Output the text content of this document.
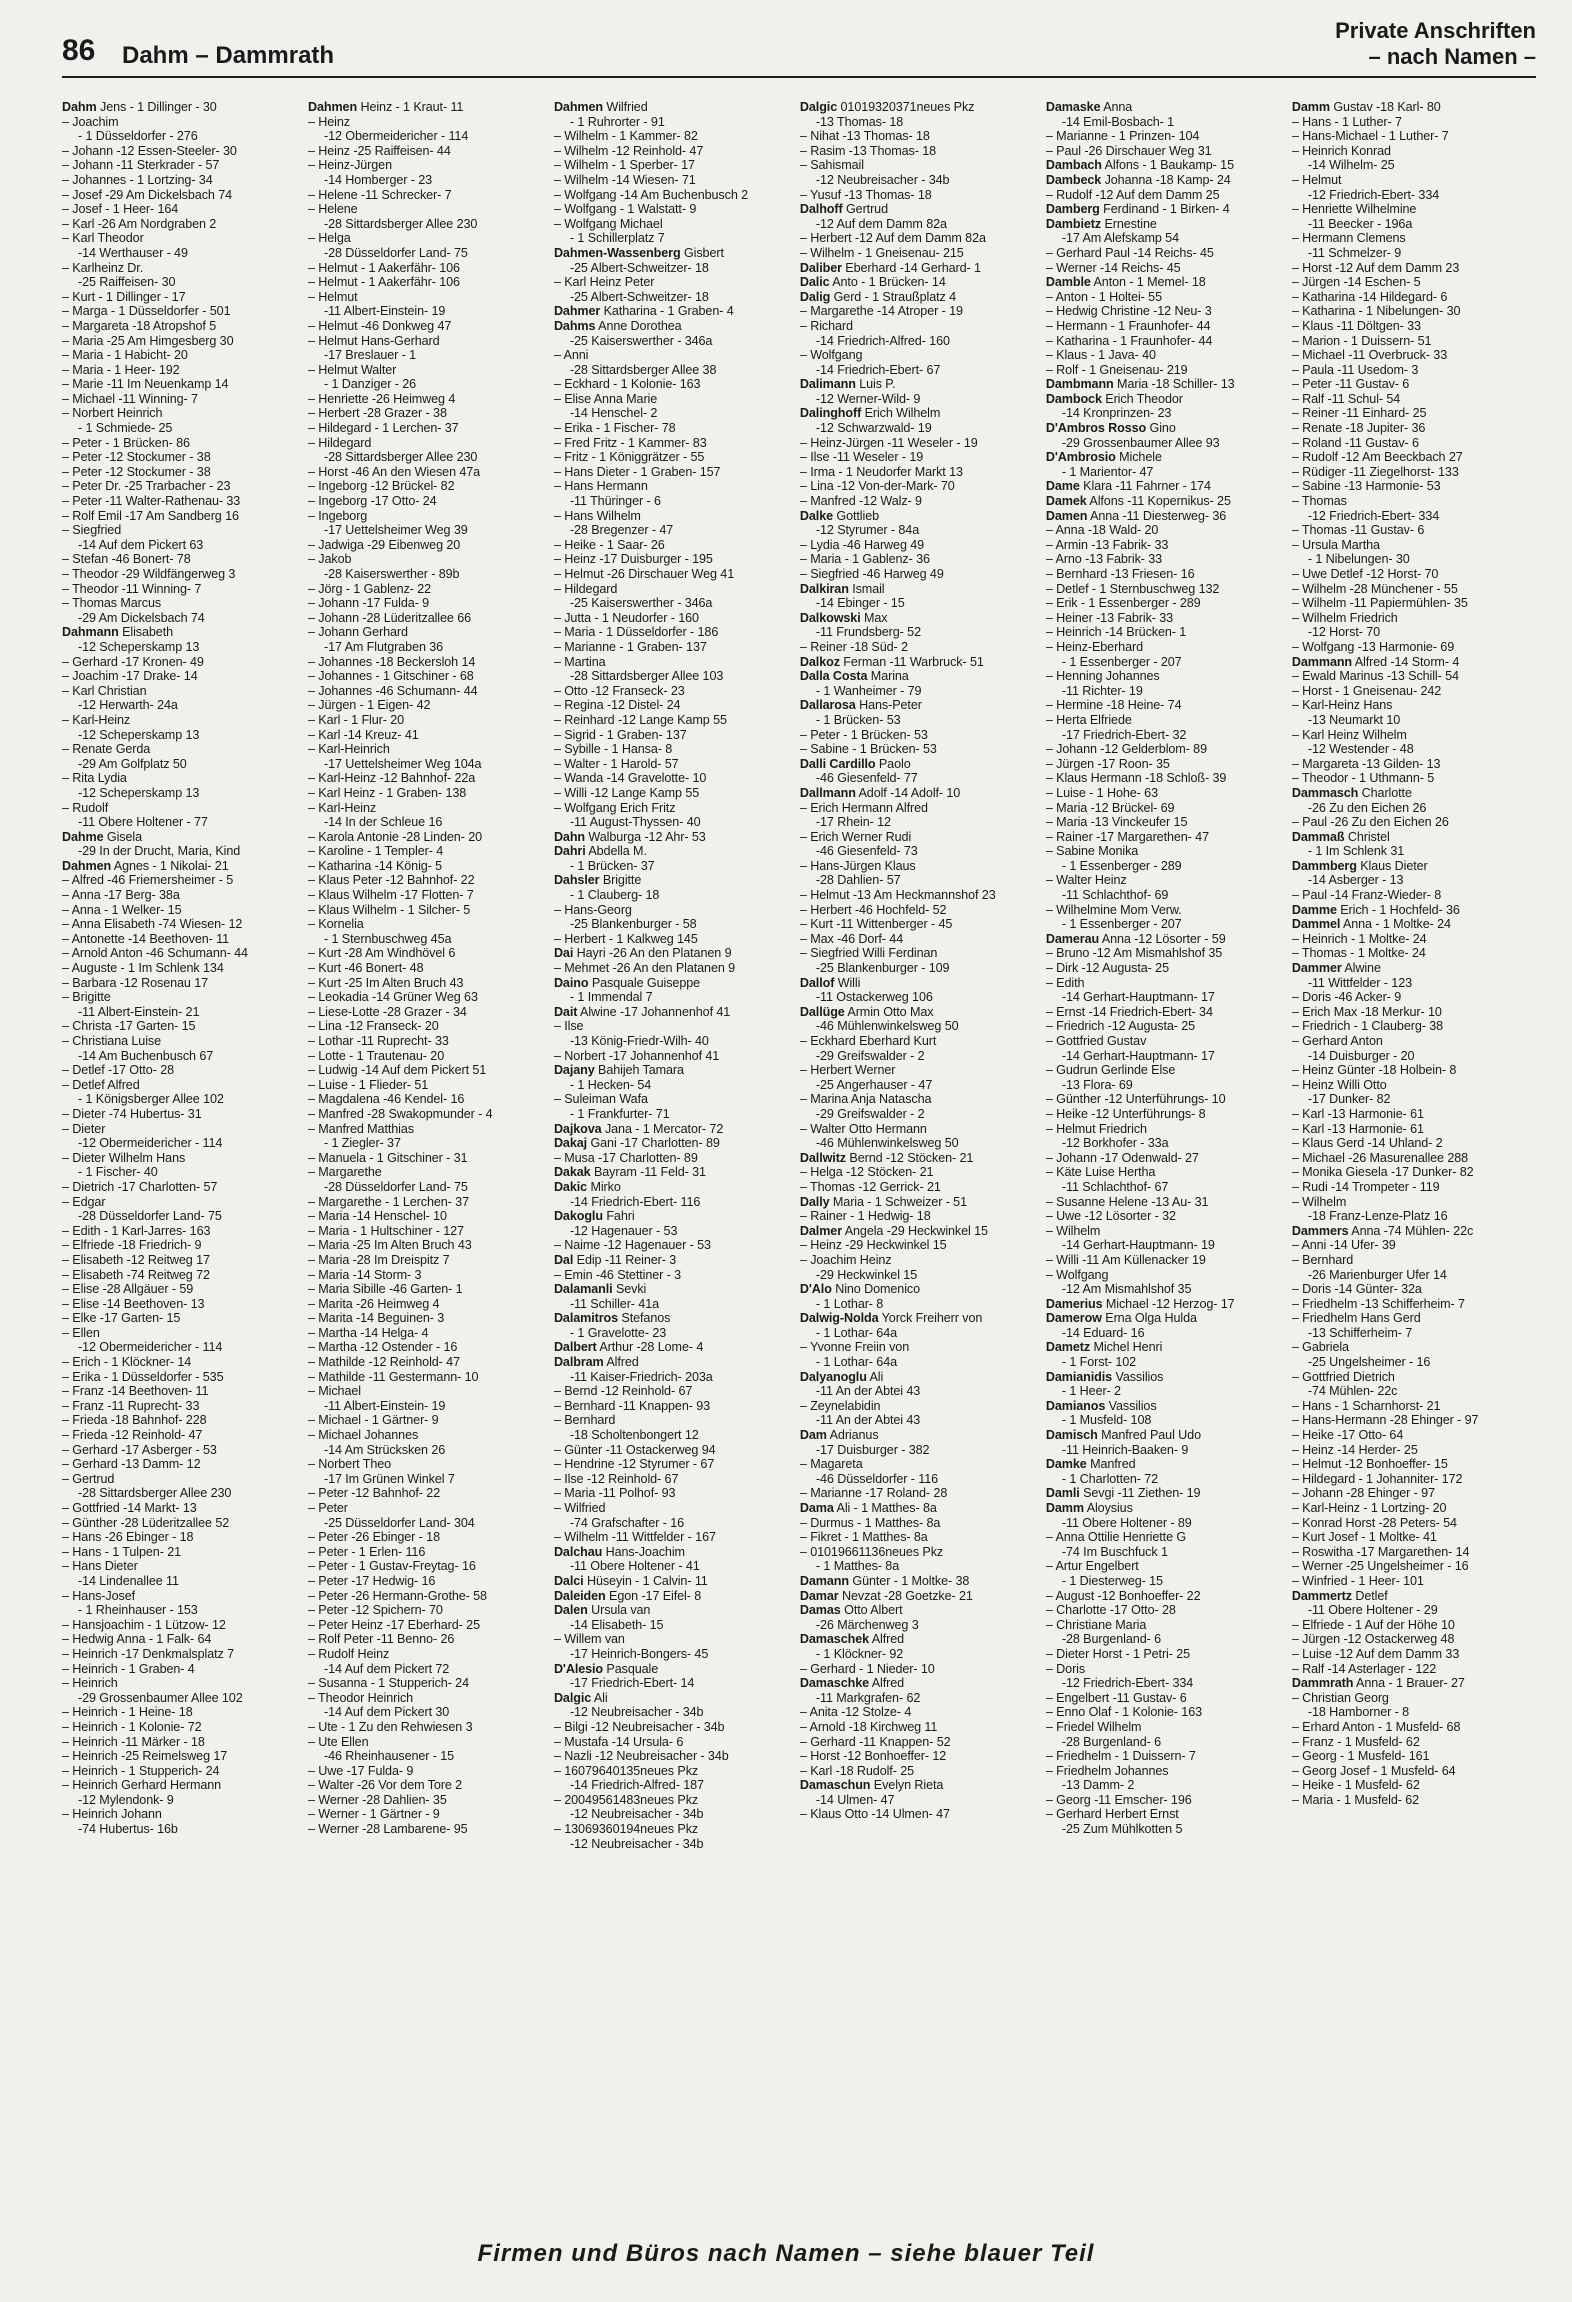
86 Dahm – Dammrath
Private Anschriften
– nach Namen –
Dahm Jens - 1 Dillinger - 30
– Joachim
- 1 Düsseldorfer - 276
– Johann -12 Essen-Steeler- 30
– Johann -11 Sterkrader - 57
– Johannes - 1 Lortzing- 34
– Josef -29 Am Dickelsbach 74
– Josef - 1 Heer- 164
– Karl -26 Am Nordgraben 2
– Karl Theodor
-14 Werthauser - 49
– Karlheinz Dr.
-25 Raiffeisen- 30
– Kurt - 1 Dillinger - 17
– Marga - 1 Düsseldorfer - 501
– Margareta -18 Atropshof 5
– Maria -25 Am Himgesberg 30
– Maria - 1 Habicht- 20
– Maria - 1 Heer- 192
– Marie -11 Im Neuenkamp 14
– Michael -11 Winning- 7
– Norbert Heinrich
- 1 Schmiede- 25
– Peter - 1 Brücken- 86
– Peter -12 Stockumer - 38
– Peter -12 Stockumer - 38
– Peter Dr. -25 Trarbacher - 23
– Peter -11 Walter-Rathenau- 33
– Rolf Emil -17 Am Sandberg 16
– Siegfried
-14 Auf dem Pickert 63
– Stefan -46 Bonert- 78
– Theodor -29 Wildfängerweg 3
– Theodor -11 Winning- 7
– Thomas Marcus
-29 Am Dickelsbach 74
Dahmann Elisabeth
-12 Scheperskamp 13
– Gerhard -17 Kronen- 49
– Joachim -17 Drake- 14
– Karl Christian
-12 Herwarth- 24a
– Karl-Heinz
-12 Scheperskamp 13
– Renate Gerda
-29 Am Golfplatz 50
– Rita Lydia
-12 Scheperskamp 13
– Rudolf
-11 Obere Holtener - 77
Dahme Gisela
-29 In der Drucht, Maria, Kind
Dahmen Agnes - 1 Nikolai- 21
– Alfred -46 Friemersheimer - 5
– Anna -17 Berg- 38a
– Anna - 1 Welker- 15
– Anna Elisabeth -74 Wiesen- 12
– Antonette -14 Beethoven- 11
– Arnold Anton -46 Schumann- 44
– Auguste - 1 Im Schlenk 134
– Barbara -12 Rosenau 17
– Brigitte
-11 Albert-Einstein- 21
– Christa -17 Garten- 15
– Christiana Luise
-14 Am Buchenbusch 67
– Detlef -17 Otto- 28
– Detlef Alfred
- 1 Königsberger Allee 102
– Dieter -74 Hubertus- 31
– Dieter
-12 Obermeidericher - 114
– Dieter Wilhelm Hans
- 1 Fischer- 40
– Dietrich -17 Charlotten- 57
– Edgar
-28 Düsseldorfer Land- 75
– Edith - 1 Karl-Jarres- 163
– Elfriede -18 Friedrich- 9
– Elisabeth -12 Reitweg 17
– Elisabeth -74 Reitweg 72
– Elise -28 Allgäuer - 59
– Elise -14 Beethoven- 13
– Elke -17 Garten- 15
– Ellen
-12 Obermeidericher - 114
– Erich - 1 Klöckner- 14
– Erika - 1 Düsseldorfer - 535
– Franz -14 Beethoven- 11
– Franz -11 Ruprecht- 33
– Frieda -18 Bahnhof- 228
– Frieda -12 Reinhold- 47
– Gerhard -17 Asberger - 53
– Gerhard -13 Damm- 12
– Gertrud
-28 Sittardsberger Allee 230
– Gottfried -14 Markt- 13
– Günther -28 Lüderitzallee 52
– Hans -26 Ebinger - 18
– Hans - 1 Tulpen- 21
– Hans Dieter
-14 Lindenallee 11
– Hans-Josef
- 1 Rheinhauser - 153
– Hansjoachim - 1 Lützow- 12
– Hedwig Anna - 1 Falk- 64
– Heinrich -17 Denkmalsplatz 7
– Heinrich - 1 Graben- 4
– Heinrich
-29 Grossenbaumer Allee 102
– Heinrich - 1 Heine- 18
– Heinrich - 1 Kolonie- 72
– Heinrich -11 Märker - 18
– Heinrich -25 Reimelsweg 17
– Heinrich - 1 Stupperich- 24
– Heinrich Gerhard Hermann
-12 Mylendonk- 9
– Heinrich Johann
-74 Hubertus- 16b
Dahmen Heinz - 1 Kraut- 11
– Heinz
-12 Obermeidericher - 114
– Heinz -25 Raiffeisen- 44
– Heinz-Jürgen
-14 Homberger - 23
– Helene -11 Schrecker- 7
– Helene
-28 Sittardsberger Allee 230
– Helga
-28 Düsseldorfer Land- 75
– Helmut - 1 Aakerfähr- 106
– Helmut - 1 Aakerfähr- 106
– Helmut
-11 Albert-Einstein- 19
– Helmut -46 Donkweg 47
– Helmut Hans-Gerhard
-17 Breslauer - 1
– Helmut Walter
- 1 Danziger - 26
– Henriette -26 Heimweg 4
– Herbert -28 Grazer - 38
– Hildegard - 1 Lerchen- 37
– Hildegard
-28 Sittardsberger Allee 230
– Horst -46 An den Wiesen 47a
– Ingeborg -12 Brückel- 82
– Ingeborg -17 Otto- 24
– Ingeborg
-17 Uettelsheimer Weg 39
– Jadwiga -29 Eibenweg 20
– Jakob
-28 Kaiserswerther - 89b
– Jörg - 1 Gablenz- 22
– Johann -17 Fulda- 9
– Johann -28 Lüderitzallee 66
– Johann Gerhard
-17 Am Flutgraben 36
– Johannes -18 Beckersloh 14
– Johannes - 1 Gitschiner - 68
– Johannes -46 Schumann- 44
– Jürgen - 1 Eigen- 42
– Karl - 1 Flur- 20
– Karl -14 Kreuz- 41
– Karl-Heinrich
-17 Uettelsheimer Weg 104a
– Karl-Heinz -12 Bahnhof- 22a
– Karl Heinz - 1 Graben- 138
– Karl-Heinz
-14 In der Schleue 16
– Karola Antonie -28 Linden- 20
– Karoline - 1 Templer- 4
– Katharina -14 König- 5
– Klaus Peter -12 Bahnhof- 22
– Klaus Wilhelm -17 Flotten- 7
– Klaus Wilhelm - 1 Silcher- 5
– Kornelia
- 1 Sternbuschweg 45a
– Kurt -28 Am Windhövel 6
– Kurt -46 Bonert- 48
– Kurt -25 Im Alten Bruch 43
– Leokadia -14 Grüner Weg 63
– Liese-Lotte -28 Grazer - 34
– Lina -12 Franseck- 20
– Lothar -11 Ruprecht- 33
– Lotte - 1 Trautenau- 20
– Ludwig -14 Auf dem Pickert 51
– Luise - 1 Flieder- 51
– Magdalena -46 Kendel- 16
– Manfred -28 Swakopmunder - 4
– Manfred Matthias
- 1 Ziegler- 37
– Manuela - 1 Gitschiner - 31
– Margarethe
-28 Düsseldorfer Land- 75
– Margarethe - 1 Lerchen- 37
– Maria -14 Henschel- 10
– Maria - 1 Hultschiner - 127
– Maria -25 Im Alten Bruch 43
– Maria -28 Im Dreispitz 7
– Maria -14 Storm- 3
– Maria Sibille -46 Garten- 1
– Marita -26 Heimweg 4
– Marita -14 Beguinen- 3
– Martha -14 Helga- 4
– Martha -12 Ostender - 16
– Mathilde -12 Reinhold- 47
– Mathilde -11 Gestermann- 10
– Michael
-11 Albert-Einstein- 19
– Michael - 1 Gärtner- 9
– Michael Johannes
-14 Am Strücksken 26
– Norbert Theo
-17 Im Grünen Winkel 7
– Peter -12 Bahnhof- 22
– Peter
-25 Düsseldorfer Land- 304
– Peter -26 Ebinger - 18
– Peter - 1 Erlen- 116
– Peter - 1 Gustav-Freytag- 16
– Peter -17 Hedwig- 16
– Peter -26 Hermann-Grothe- 58
– Peter -12 Spichern- 70
– Peter Heinz -17 Eberhard- 25
– Rolf Peter -11 Benno- 26
– Rudolf Heinz
-14 Auf dem Pickert 72
– Susanna - 1 Stupperich- 24
– Theodor Heinrich
-14 Auf dem Pickert 30
– Ute - 1 Zu den Rehwiesen 3
– Ute Ellen
-46 Rheinhausener - 15
– Uwe -17 Fulda- 9
– Walter -26 Vor dem Tore 2
– Werner -28 Dahlien- 35
– Werner - 1 Gärtner - 9
– Werner -28 Lambarene- 95
Dahmen Wilfried
- 1 Ruhrorter - 91
– Wilhelm - 1 Kammer- 82
– Wilhelm -12 Reinhold- 47
– Wilhelm - 1 Sperber- 17
– Wilhelm -14 Wiesen- 71
– Wolfgang -14 Am Buchenbusch 2
– Wolfgang - 1 Walstatt- 9
– Wolfgang Michael
- 1 Schillerplatz 7
Dahmen-Wassenberg Gisbert
-25 Albert-Schweitzer- 18
– Karl Heinz Peter
-25 Albert-Schweitzer- 18
Dahmer Katharina - 1 Graben- 4
Dahms Anne Dorothea
-25 Kaiserswerther - 346a
– Anni
-28 Sittardsberger Allee 38
– Eckhard - 1 Kolonie- 163
– Elise Anna Marie
-14 Henschel- 2
– Erika - 1 Fischer- 78
– Fred Fritz - 1 Kammer- 83
– Fritz - 1 Königgrätzer - 55
– Hans Dieter - 1 Graben- 157
– Hans Hermann
-11 Thüringer - 6
– Hans Wilhelm
-28 Bregenzer - 47
– Heike - 1 Saar- 26
– Heinz -17 Duisburger - 195
– Helmut -26 Dirschauer Weg 41
– Hildegard
-25 Kaiserswerther - 346a
– Jutta - 1 Neudorfer - 160
– Maria - 1 Düsseldorfer - 186
– Marianne - 1 Graben- 137
– Martina
-28 Sittardsberger Allee 103
– Otto -12 Franseck- 23
– Regina -12 Distel- 24
– Reinhard -12 Lange Kamp 55
– Sigrid - 1 Graben- 137
– Sybille - 1 Hansa- 8
– Walter - 1 Harold- 57
– Wanda -14 Gravelotte- 10
– Willi -12 Lange Kamp 55
– Wolfgang Erich Fritz
-11 August-Thyssen- 40
Dahn Walburga -12 Ahr- 53
Dahri Abdella M.
- 1 Brücken- 37
Dahsler Brigitte
- 1 Clauberg- 18
– Hans-Georg
-25 Blankenburger - 58
– Herbert - 1 Kalkweg 145
Dai Hayri -26 An den Platanen 9
– Mehmet -26 An den Platanen 9
Daino Pasquale Guiseppe
- 1 Immendal 7
Dait Alwine -17 Johannenhof 41
– Ilse
-13 König-Friedr-Wilh- 40
– Norbert -17 Johannenhof 41
Dajany Bahijeh Tamara
- 1 Hecken- 54
– Suleiman Wafa
- 1 Frankfurter- 71
Dajkova Jana - 1 Mercator- 72
Dakaj Gani -17 Charlotten- 89
– Musa -17 Charlotten- 89
Dakak Bayram -11 Feld- 31
Dakic Mirko
-14 Friedrich-Ebert- 116
Dakoglu Fahri
-12 Hagenauer - 53
– Naime -12 Hagenauer - 53
Dal Edip -11 Reiner- 3
– Emin -46 Stettiner - 3
Dalamanli Sevki
-11 Schiller- 41a
Dalamitros Stefanos
- 1 Gravelotte- 23
Dalbert Arthur -28 Lome- 4
Dalbram Alfred
-11 Kaiser-Friedrich- 203a
– Bernd -12 Reinhold- 67
– Bernhard -11 Knappen- 93
– Bernhard
-18 Scholtenbongert 12
– Günter -11 Ostackerweg 94
– Hendrine -12 Styrumer - 67
– Ilse -12 Reinhold- 67
– Maria -11 Polhof- 93
– Wilfried
-74 Grafschafter - 16
– Wilhelm -11 Wittfelder - 167
Dalchau Hans-Joachim
-11 Obere Holtener - 41
Dalci Hüseyin - 1 Calvin- 11
Daleiden Egon -17 Eifel- 8
Dalen Ursula van
-14 Elisabeth- 15
– Willem van
-17 Heinrich-Bongers- 45
D'Alesio Pasquale
-17 Friedrich-Ebert- 14
Dalgic Ali
-12 Neubreisacher - 34b
– Bilgi -12 Neubreisacher - 34b
– Mustafa -14 Ursula- 6
– Nazli -12 Neubreisacher - 34b
– 16079640135neues Pkz
-14 Friedrich-Alfred- 187
– 20049561483neues Pkz
-12 Neubreisacher - 34b
– 13069360194neues Pkz
-12 Neubreisacher - 34b
Dalgic 01019320371neues Pkz
-13 Thomas- 18
– Nihat -13 Thomas- 18
– Rasim -13 Thomas- 18
– Sahismail
-12 Neubreisacher - 34b
– Yusuf -13 Thomas- 18
Dalhoff Gertrud
-12 Auf dem Damm 82a
– Herbert -12 Auf dem Damm 82a
– Wilhelm - 1 Gneisenau- 215
Daliber Eberhard -14 Gerhard- 1
Dalic Anto - 1 Brücken- 14
Dalig Gerd - 1 Straußplatz 4
– Margarethe -14 Atroper - 19
– Richard
-14 Friedrich-Alfred- 160
– Wolfgang
-14 Friedrich-Ebert- 67
Dalimann Luis P.
-12 Werner-Wild- 9
Dalinghoff Erich Wilhelm
-12 Schwarzwald- 19
– Heinz-Jürgen -11 Weseler - 19
– Ilse -11 Weseler - 19
– Irma - 1 Neudorfer Markt 13
– Lina -12 Von-der-Mark- 70
– Manfred -12 Walz- 9
Dalke Gottlieb
-12 Styrumer - 84a
– Lydia -46 Harweg 49
– Maria - 1 Gablenz- 36
– Siegfried -46 Harweg 49
Dalkiran Ismail
-14 Ebinger - 15
Dalkowski Max
-11 Frundsberg- 52
– Reiner -18 Süd- 2
Dalkoz Ferman -11 Warbruck- 51
Dalla Costa Marina
- 1 Wanheimer - 79
Dallarosa Hans-Peter
- 1 Brücken- 53
– Peter - 1 Brücken- 53
– Sabine - 1 Brücken- 53
Dalli Cardillo Paolo
-46 Giesenfeld- 77
Dallmann Adolf -14 Adolf- 10
– Erich Hermann Alfred
-17 Rhein- 12
– Erich Werner Rudi
-46 Giesenfeld- 73
– Hans-Jürgen Klaus
-28 Dahlien- 57
– Helmut -13 Am Heckmannshof 23
– Herbert -46 Hochfeld- 52
– Kurt -11 Wittenberger - 45
– Max -46 Dorf- 44
– Siegfried Willi Ferdinan
-25 Blankenburger - 109
Dallof Willi
-11 Ostackerweg 106
Dallüge Armin Otto Max
-46 Mühlenwinkelsweg 50
– Eckhard Eberhard Kurt
-29 Greifswalder - 2
– Herbert Werner
-25 Angerhauser - 47
– Marina Anja Natascha
-29 Greifswalder - 2
– Walter Otto Hermann
-46 Mühlenwinkelsweg 50
Dallwitz Bernd -12 Stöcken- 21
– Helga -12 Stöcken- 21
– Thomas -12 Gerrick- 21
Dally Maria - 1 Schweizer - 51
– Rainer - 1 Hedwig- 18
Dalmer Angela -29 Heckwinkel 15
– Heinz -29 Heckwinkel 15
– Joachim Heinz
-29 Heckwinkel 15
D'Alo Nino Domenico
- 1 Lothar- 8
Dalwig-Nolda Yorck Freiherr von
- 1 Lothar- 64a
– Yvonne Freiin von
- 1 Lothar- 64a
Dalyanoglu Ali
-11 An der Abtei 43
– Zeynelabidin
-11 An der Abtei 43
Dam Adrianus
-17 Duisburger - 382
– Magareta
-46 Düsseldorfer - 116
– Marianne -17 Roland- 28
Dama Ali - 1 Matthes- 8a
– Durmus - 1 Matthes- 8a
– Fikret - 1 Matthes- 8a
– 01019661136neues Pkz
- 1 Matthes- 8a
Damann Günter - 1 Moltke- 38
Damar Nevzat -28 Goetzke- 21
Damas Otto Albert
-26 Märchenweg 3
Damaschek Alfred
- 1 Klöckner- 92
– Gerhard - 1 Nieder- 10
Damaschke Alfred
-11 Markgrafen- 62
– Anita -12 Stolze- 4
– Arnold -18 Kirchweg 11
– Gerhard -11 Knappen- 52
– Horst -12 Bonhoeffer- 12
– Karl -18 Rudolf- 25
Damaschun Evelyn Rieta
-14 Ulmen- 47
– Klaus Otto -14 Ulmen- 47
Damaske Anna
-14 Emil-Bosbach- 1
– Marianne - 1 Prinzen- 104
– Paul -26 Dirschauer Weg 31
Dambach Alfons - 1 Baukamp- 15
Dambeck Johanna -18 Kamp- 24
– Rudolf -12 Auf dem Damm 25
Damberg Ferdinand - 1 Birken- 4
Dambietz Ernestine
-17 Am Alefskamp 54
– Gerhard Paul -14 Reichs- 45
– Werner -14 Reichs- 45
Damble Anton - 1 Memel- 18
– Anton - 1 Holtei- 55
– Hedwig Christine -12 Neu- 3
– Hermann - 1 Fraunhofer- 44
– Katharina - 1 Fraunhofer- 44
– Klaus - 1 Java- 40
– Rolf - 1 Gneisenau- 219
Dambmann Maria -18 Schiller- 13
Dambock Erich Theodor
-14 Kronprinzen- 23
D'Ambros Rosso Gino
-29 Grossenbaumer Allee 93
D'Ambrosio Michele
- 1 Marientor- 47
Dame Klara -11 Fahrner - 174
Damek Alfons -11 Kopernikus- 25
Damen Anna -11 Diesterweg- 36
– Anna -18 Wald- 20
– Armin -13 Fabrik- 33
– Arno -13 Fabrik- 33
– Bernhard -13 Friesen- 16
– Detlef - 1 Sternbuschweg 132
– Erik - 1 Essenberger - 289
– Heiner -13 Fabrik- 33
– Heinrich -14 Brücken- 1
– Heinz-Eberhard
- 1 Essenberger - 207
– Henning Johannes
-11 Richter- 19
– Hermine -18 Heine- 74
– Herta Elfriede
-17 Friedrich-Ebert- 32
– Johann -12 Gelderblom- 89
– Jürgen -17 Roon- 35
– Klaus Hermann -18 Schloß- 39
– Luise - 1 Hohe- 63
– Maria -12 Brückel- 69
– Maria -13 Vinckeufer 15
– Rainer -17 Margarethen- 47
– Sabine Monika
- 1 Essenberger - 289
– Walter Heinz
-11 Schlachthof- 69
– Wilhelmine Mom Verw.
- 1 Essenberger - 207
Damerau Anna -12 Lösorter - 59
– Bruno -12 Am Mismahlshof 35
– Dirk -12 Augusta- 25
– Edith
-14 Gerhart-Hauptmann- 17
– Ernst -14 Friedrich-Ebert- 34
– Friedrich -12 Augusta- 25
– Gottfried Gustav
-14 Gerhart-Hauptmann- 17
– Gudrun Gerlinde Else
-13 Flora- 69
– Günther -12 Unterführungs- 10
– Heike -12 Unterführungs- 8
– Helmut Friedrich
-12 Borkhofer - 33a
– Johann -17 Odenwald- 27
– Käte Luise Hertha
-11 Schlachthof- 67
– Susanne Helene -13 Au- 31
– Uwe -12 Lösorter - 32
– Wilhelm
-14 Gerhart-Hauptmann- 19
– Willi -11 Am Küllenacker 19
– Wolfgang
-12 Am Mismahlshof 35
Damerius Michael -12 Herzog- 17
Damerow Erna Olga Hulda
-14 Eduard- 16
Dametz Michel Henri
- 1 Forst- 102
Damianidis Vassilios
- 1 Heer- 2
Damianos Vassilios
- 1 Musfeld- 108
Damisch Manfred Paul Udo
-11 Heinrich-Baaken- 9
Damke Manfred
- 1 Charlotten- 72
Damli Sevgi -11 Ziethen- 19
Damm Aloysius
-11 Obere Holtener - 89
– Anna Ottilie Henriette G
-74 Im Buschfuck 1
– Artur Engelbert
- 1 Diesterweg- 15
– August -12 Bonhoeffer- 22
– Charlotte -17 Otto- 28
– Christiane Maria
-28 Burgenland- 6
– Dieter Horst - 1 Petri- 25
– Doris
-12 Friedrich-Ebert- 334
– Engelbert -11 Gustav- 6
– Enno Olaf - 1 Kolonie- 163
– Friedel Wilhelm
-28 Burgenland- 6
– Friedhelm - 1 Duissern- 7
– Friedhelm Johannes
-13 Damm- 2
– Georg -11 Emscher- 196
– Gerhard Herbert Ernst
-25 Zum Mühlkotten 5
Damm Gustav -18 Karl- 80
– Hans - 1 Luther- 7
– Hans-Michael - 1 Luther- 7
– Heinrich Konrad
-14 Wilhelm- 25
– Helmut
-12 Friedrich-Ebert- 334
– Henriette Wilhelmine
-11 Beecker - 196a
– Hermann Clemens
-11 Schmelzer- 9
– Horst -12 Auf dem Damm 23
– Jürgen -14 Eschen- 5
– Katharina -14 Hildegard- 6
– Katharina - 1 Nibelungen- 30
– Klaus -11 Döltgen- 33
– Marion - 1 Duissern- 51
– Michael -11 Overbruck- 33
– Paula -11 Usedom- 3
– Peter -11 Gustav- 6
– Ralf -11 Schul- 54
– Reiner -11 Einhard- 25
– Renate -18 Jupiter- 36
– Roland -11 Gustav- 6
– Rudolf -12 Am Beeckbach 27
– Rüdiger -11 Ziegelhorst- 133
– Sabine -13 Harmonie- 53
– Thomas
-12 Friedrich-Ebert- 334
– Thomas -11 Gustav- 6
– Ursula Martha
- 1 Nibelungen- 30
– Uwe Detlef -12 Horst- 70
– Wilhelm -28 Münchener - 55
– Wilhelm -11 Papiermühlen- 35
– Wilhelm Friedrich
-12 Horst- 70
– Wolfgang -13 Harmonie- 69
Dammann Alfred -14 Storm- 4
– Ewald Marinus -13 Schill- 54
– Horst - 1 Gneisenau- 242
– Karl-Heinz Hans
-13 Neumarkt 10
– Karl Heinz Wilhelm
-12 Westender - 48
– Margareta -13 Gilden- 13
– Theodor - 1 Uthmann- 5
Dammasch Charlotte
-26 Zu den Eichen 26
– Paul -26 Zu den Eichen 26
Dammaß Christel
- 1 Im Schlenk 31
Dammberg Klaus Dieter
-14 Asberger - 13
– Paul -14 Franz-Wieder- 8
Damme Erich - 1 Hochfeld- 36
Dammel Anna - 1 Moltke- 24
– Heinrich - 1 Moltke- 24
– Thomas - 1 Moltke- 24
Dammer Alwine
-11 Wittfelder - 123
– Doris -46 Acker- 9
– Erich Max -18 Merkur- 10
– Friedrich - 1 Clauberg- 38
– Gerhard Anton
-14 Duisburger - 20
– Heinz Günter -18 Holbein- 8
– Heinz Willi Otto
-17 Dunker- 82
– Karl -13 Harmonie- 61
– Karl -13 Harmonie- 61
– Klaus Gerd -14 Uhland- 2
– Michael -26 Masurenallee 288
– Monika Giesela -17 Dunker- 82
– Rudi -14 Trompeter - 119
– Wilhelm
-18 Franz-Lenze-Platz 16
Dammers Anna -74 Mühlen- 22c
– Anni -14 Ufer- 39
– Bernhard
-26 Marienburger Ufer 14
– Doris -14 Günter- 32a
– Friedhelm -13 Schifferheim- 7
– Friedhelm Hans Gerd
-13 Schifferheim- 7
– Gabriela
-25 Ungelsheimer - 16
– Gottfried Dietrich
-74 Mühlen- 22c
– Hans - 1 Scharnhorst- 21
– Hans-Hermann -28 Ehinger - 97
– Heike -17 Otto- 64
– Heinz -14 Herder- 25
– Helmut -12 Bonhoeffer- 15
– Hildegard - 1 Johanniter- 172
– Johann -28 Ehinger - 97
– Karl-Heinz - 1 Lortzing- 20
– Konrad Horst -28 Peters- 54
– Kurt Josef - 1 Moltke- 41
– Roswitha -17 Margarethen- 14
– Werner -25 Ungelsheimer - 16
– Winfried - 1 Heer- 101
Dammertz Detlef
-11 Obere Holtener - 29
– Elfriede - 1 Auf der Höhe 10
– Jürgen -12 Ostackerweg 48
– Luise -12 Auf dem Damm 33
– Ralf -14 Asterlager - 122
Dammrath Anna - 1 Brauer- 27
– Christian Georg
-18 Hamborner - 8
– Erhard Anton - 1 Musfeld- 68
– Franz - 1 Musfeld- 62
– Georg - 1 Musfeld- 161
– Georg Josef - 1 Musfeld- 64
– Heike - 1 Musfeld- 62
– Maria - 1 Musfeld- 62
Firmen und Büros nach Namen – siehe blauer Teil
